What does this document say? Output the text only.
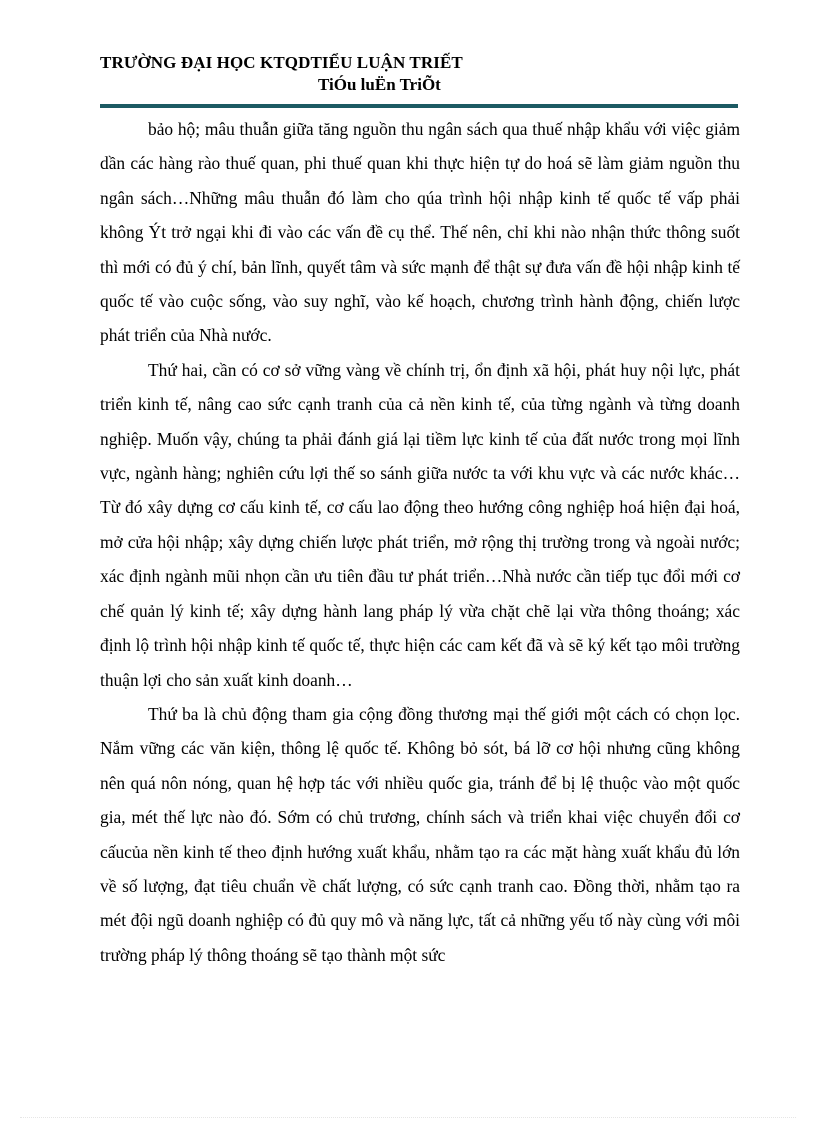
TRƯỜNG ĐẠI HỌC KTQDTIỂU LUẬN TRIẾT
TiÓu luËn TriÕt

bảo hộ; mâu thuẫn giữa tăng nguồn thu ngân sách qua thuế nhập khẩu với việc giảm dần các hàng rào thuế quan, phi thuế quan khi thực hiện tự do hoá sẽ làm giảm nguồn thu ngân sách…Những mâu thuẫn đó làm cho qúa trình hội nhập kinh tế quốc tế vấp phải không Ýt trở ngại khi đi vào các vấn đề cụ thể. Thế nên, chỉ khi nào nhận thức thông suốt thì mới có đủ ý chí, bản lĩnh, quyết tâm và sức mạnh để thật sự đưa vấn đề hội nhập kinh tế quốc tế vào cuộc sống, vào suy nghĩ, vào kế hoạch, chương trình hành động, chiến lược phát triển của Nhà nước.

Thứ hai, cần có cơ sở vững vàng về chính trị, ổn định xã hội, phát huy nội lực, phát triển kinh tế, nâng cao sức cạnh tranh của cả nền kinh tế, của từng ngành và từng doanh nghiệp. Muốn vậy, chúng ta phải đánh giá lại tiềm lực kinh tế của đất nước trong mọi lĩnh vực, ngành hàng; nghiên cứu lợi thế so sánh giữa nước ta với khu vực và các nước khác…Từ đó xây dựng cơ cấu kinh tế, cơ cấu lao động theo hướng công nghiệp hoá hiện đại hoá, mở cửa hội nhập; xây dựng chiến lược phát triển, mở rộng thị trường trong và ngoài nước; xác định ngành mũi nhọn cần ưu tiên đầu tư phát triển…Nhà nước cần tiếp tục đổi mới cơ chế quản lý kinh tế; xây dựng hành lang pháp lý vừa chặt chẽ lại vừa thông thoáng; xác định lộ trình hội nhập kinh tế quốc tế, thực hiện các cam kết đã và sẽ ký kết tạo môi trường thuận lợi cho sản xuất kinh doanh…

Thứ ba là chủ động tham gia cộng đồng thương mại thế giới một cách có chọn lọc. Nắm vững các văn kiện, thông lệ quốc tế. Không bỏ sót, bá lỡ cơ hội nhưng cũng không nên quá nôn nóng, quan hệ hợp tác với nhiều quốc gia, tránh để bị lệ thuộc vào một quốc gia, mét thế lực nào đó. Sớm có chủ trương, chính sách và triển khai việc chuyển đổi cơ cấucủa nền kinh tế theo định hướng xuất khẩu, nhằm tạo ra các mặt hàng xuất khẩu đủ lớn về số lượng, đạt tiêu chuẩn về chất lượng, có sức cạnh tranh cao. Đồng thời, nhằm tạo ra mét đội ngũ doanh nghiệp có đủ quy mô và năng lực, tất cả những yếu tố này cùng với môi trường pháp lý thông thoáng sẽ tạo thành một sức
